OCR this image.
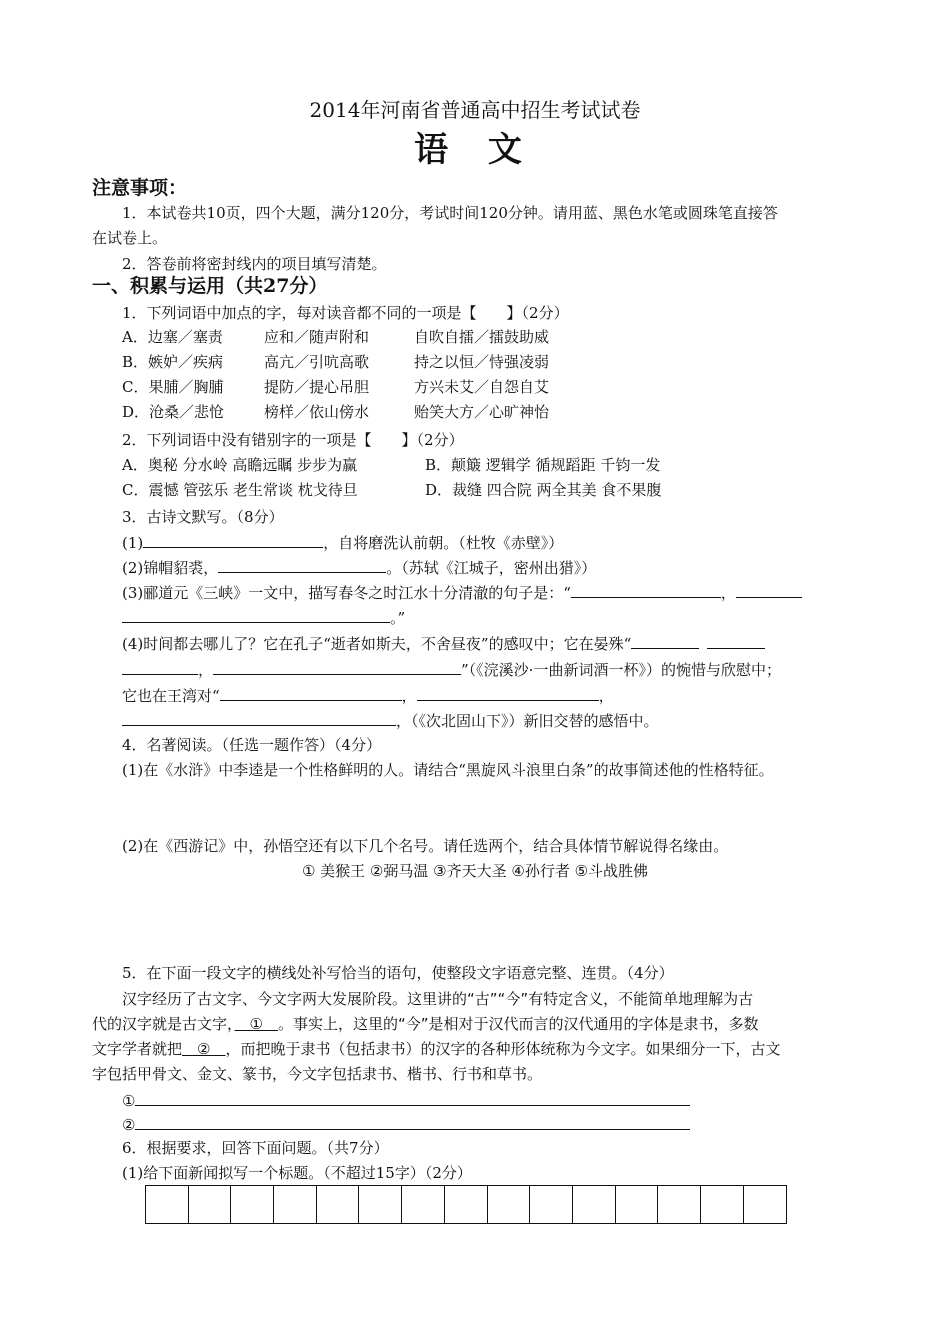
2014年河南省普通高中招生考试试卷
语 文
注意事项：
1．本试卷共10页，四个大题，满分120分，考试时间120分钟。请用蓝、黑色水笔或圆珠笔直接答
在试卷上。
2．答卷前将密封线内的项目填写清楚。
一、积累与运用（共27分）
1．下列词语中加点的字，每对读音都不同的一项是【　　】（2分）
A．边塞／塞责	应和／随声附和	自吹自擂／擂鼓助威
B．嫉妒／疾病	高亢／引吭高歌	持之以恒／恃强凌弱
C．果脯／胸脯	提防／提心吊胆	方兴未艾／自怨自艾
D．沧桑／悲怆	榜样／依山傍水	贻笑大方／心旷神怡
2．下列词语中没有错别字的一项是【　　】（2分）
A．奥秘 分水岭 高瞻远瞩 步步为赢	B．颠簸 逻辑学 循规蹈距 千钧一发
C．震憾 管弦乐 老生常谈 枕戈待旦	D．裁缝 四合院 两全其美 食不果腹
3．古诗文默写。（8分）
(1)	，自将磨洗认前朝。（杜牧《赤壁》）
(2)锦帽貂裘，	。（苏轼《江城子，密州出猎》）
(3)郦道元《三峡》一文中，描写春冬之时江水十分清澈的句子是：“	，
。”
(4)时间都去哪儿了？它在孔子“逝者如斯夫，不舍昼夜”的感叹中；它在晏殊“
，	”（《浣溪沙·一曲新词酒一杯》）的惋惜与欣慰中；
它也在王湾对“	，	，
，（《次北固山下》）新旧交替的感悟中。
4．名著阅读。（任选一题作答）（4分）
(1)在《水浒》中李逵是一个性格鲜明的人。请结合“黑旋风斗浪里白条”的故事简述他的性格特征。
(2)在《西游记》中，孙悟空还有以下几个名号。请任选两个，结合具体情节解说得名缘由。
① 美猴王 ②弼马温 ③齐天大圣 ④孙行者 ⑤斗战胜佛
5．在下面一段文字的横线处补写恰当的语句，使整段文字语意完整、连贯。（4分）
汉字经历了古文字、今文字两大发展阶段。这里讲的“古”“今”有特定含义，不能简单地理解为古
代的汉字就是古文字，　①　。事实上，这里的“今”是相对于汉代而言的汉代通用的字体是隶书，多数
文字学者就把　②　，而把晚于隶书（包括隶书）的汉字的各种形体统称为今文字。如果细分一下，古文
字包括甲骨文、金文、篆书，今文字包括隶书、楷书、行书和草书。
①
②
6．根据要求，回答下面问题。（共7分）
(1)给下面新闻拟写一个标题。（不超过15字）（2分）
